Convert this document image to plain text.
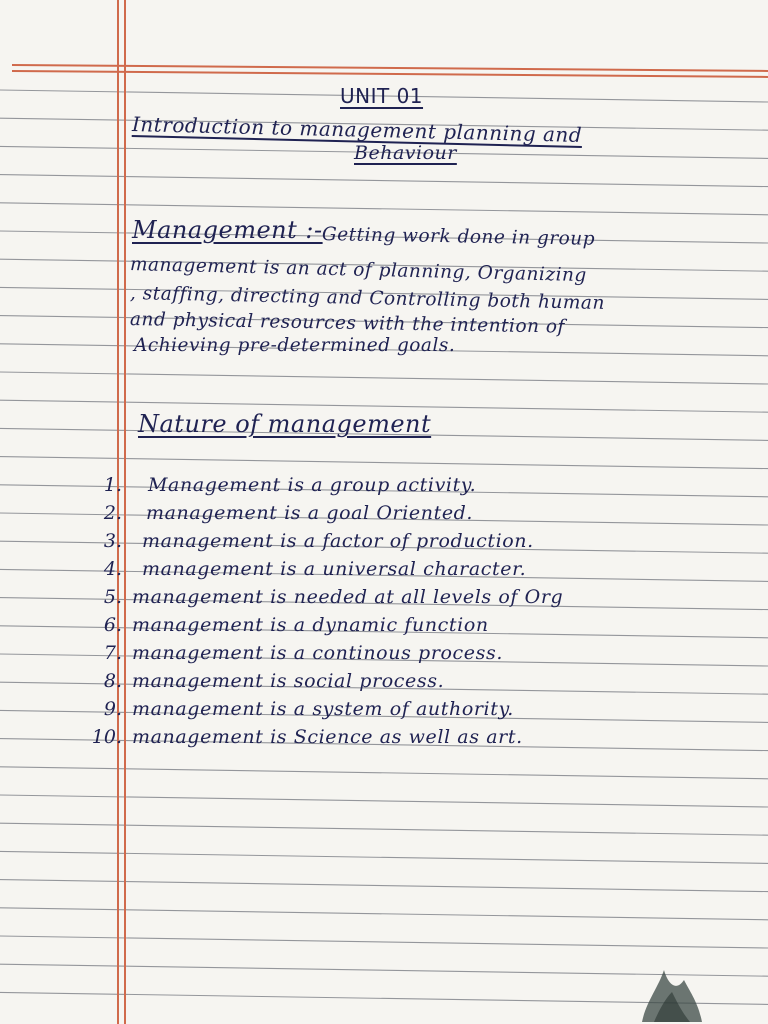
UNIT 01
Introduction to management planning and
Behaviour
Management :- Getting work done in group
management is an act of planning, Organizing
, staffing, directing and Controlling both human
and physical resources with the intention of
Achieving pre-determined goals.
Nature of management
1. Management is a group activity.
2. management is a goal Oriented.
3. management is a factor of production.
4. management is a universal character.
5. management is needed at all levels of Org
6. management is a dynamic function
7. management is a continous process.
8. management is social process.
9. management is a system of authority.
10. management is Science as well as art.
